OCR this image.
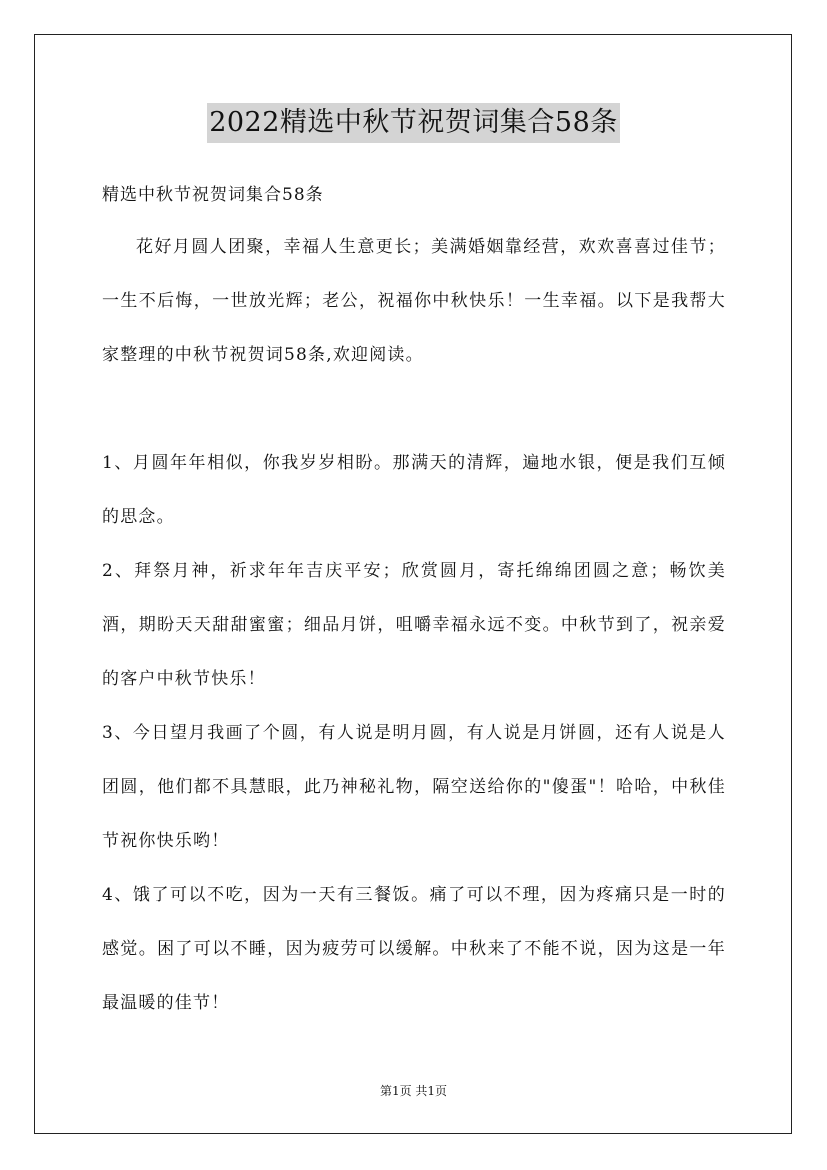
2022精选中秋节祝贺词集合58条
精选中秋节祝贺词集合58条

花好月圆人团聚，幸福人生意更长；美满婚姻靠经营，欢欢喜喜过佳节；一生不后悔，一世放光辉；老公，祝福你中秋快乐！一生幸福。以下是我帮大家整理的中秋节祝贺词58条,欢迎阅读。

1、月圆年年相似，你我岁岁相盼。那满天的清辉，遍地水银，便是我们互倾的思念。

2、拜祭月神，祈求年年吉庆平安；欣赏圆月，寄托绵绵团圆之意；畅饮美酒，期盼天天甜甜蜜蜜；细品月饼，咀嚼幸福永远不变。中秋节到了，祝亲爱的客户中秋节快乐！

3、今日望月我画了个圆，有人说是明月圆，有人说是月饼圆，还有人说是人团圆，他们都不具慧眼，此乃神秘礼物，隔空送给你的"傻蛋"！哈哈，中秋佳节祝你快乐哟！

4、饿了可以不吃，因为一天有三餐饭。痛了可以不理，因为疼痛只是一时的感觉。困了可以不睡，因为疲劳可以缓解。中秋来了不能不说，因为这是一年最温暖的佳节！

第1页 共1页
